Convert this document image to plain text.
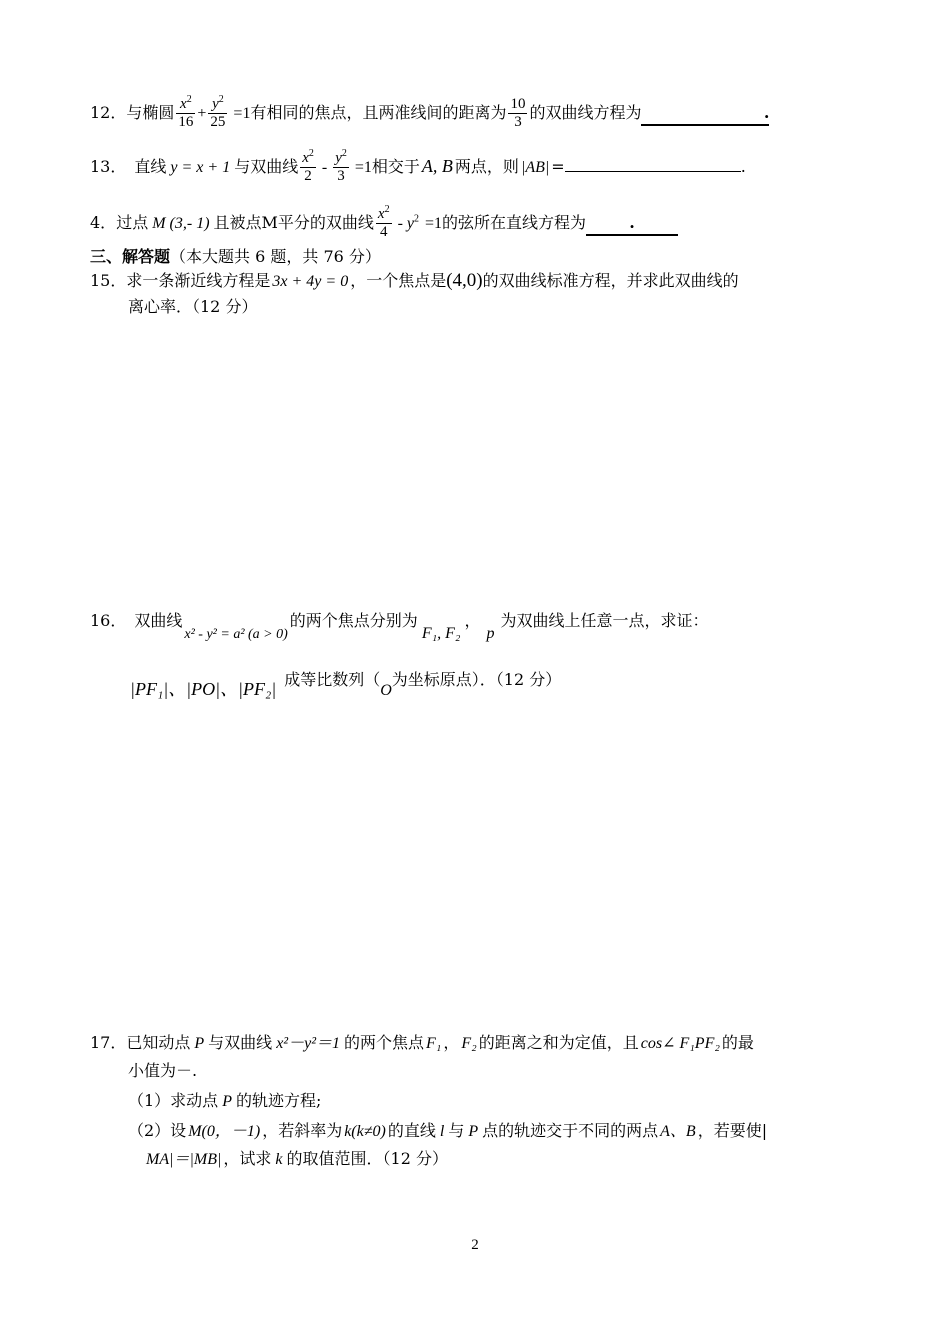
12．与椭圆 $\frac{x^2}{16} + \frac{y^2}{25} =1$有相同的焦点，且两准线间的距离为 $\frac{10}{3}$ 的双曲线方程为	.
13． 直线 y = x + 1 与双曲线 $\frac{x^2}{2} - \frac{y^2}{3} =1$相交于 A, B 两点，则 |AB| =	.
4．过点 M (3,- 1) 且被点M平分的双曲线 $\frac{x^2}{4} - y^2 =1$的弦所在直线方程为	.
三、解答题（本大题共 6 题，共 76 分）
15．求一条渐近线方程是 3x + 4y = 0 ，一个焦点是(4,0)的双曲线标准方程，并求此双曲线的
离心率．（12 分）
16． 双曲线x² - y² = a² (a > 0)的两个焦点分别为F₁, F₂，p为双曲线上任意一点，求证：
|PF₁|、|PO|、|PF₂| 成等比数列（O为坐标原点）．（12 分）
17．已知动点 P 与双曲线 x²－y²＝1 的两个焦点 F₁ ， F₂ 的距离之和为定值，且 cos∠ F₁PF₂ 的最
小值为－.
（1）求动点 P 的轨迹方程;
（2）设 M(0，－1) ，若斜率为 k(k≠0) 的直线 l 与 P 点的轨迹交于不同的两点 A、B ，若要使|
MA|＝|MB| ，试求 k 的取值范围．（12 分）
2
